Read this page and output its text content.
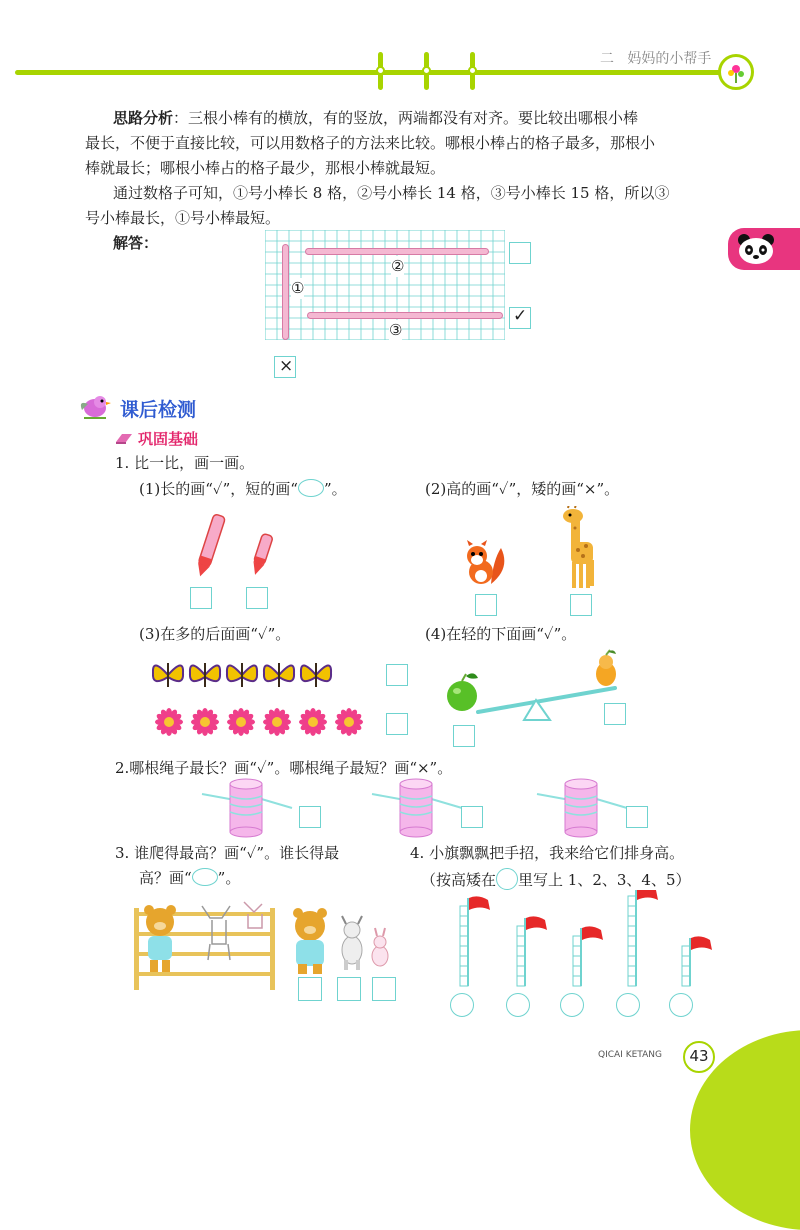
二 妈妈的小帮手
思路分析：三根小棒有的横放，有的竖放，两端都没有对齐。要比较出哪根小棒
最长，不便于直接比较，可以用数格子的方法来比较。哪根小棒占的格子最多，那根小
棒就最长；哪根小棒占的格子最少，那根小棒就最短。
通过数格子可知，①号小棒长 8 格，②号小棒长 14 格，③号小棒长 15 格，所以③
号小棒最长，①号小棒最短。
解答：
①
②
③
✓
×
课后检测
巩固基础
1. 比一比，画一画。
(1)长的画“✓”，短的画“ ”。	(2)高的画“✓”，矮的画“×”。
(3)在多的后面画“✓”。	(4)在轻的下面画“✓”。
2.哪根绳子最长？画“✓”。哪根绳子最短？画“×”。
3. 谁爬得最高？画“✓”。谁长得最
高？画“ ”。
4. 小旗飘飘把手招，我来给它们排身高。
（按高矮在 里写上 1、2、3、4、5）
QICAI KETANG	43
